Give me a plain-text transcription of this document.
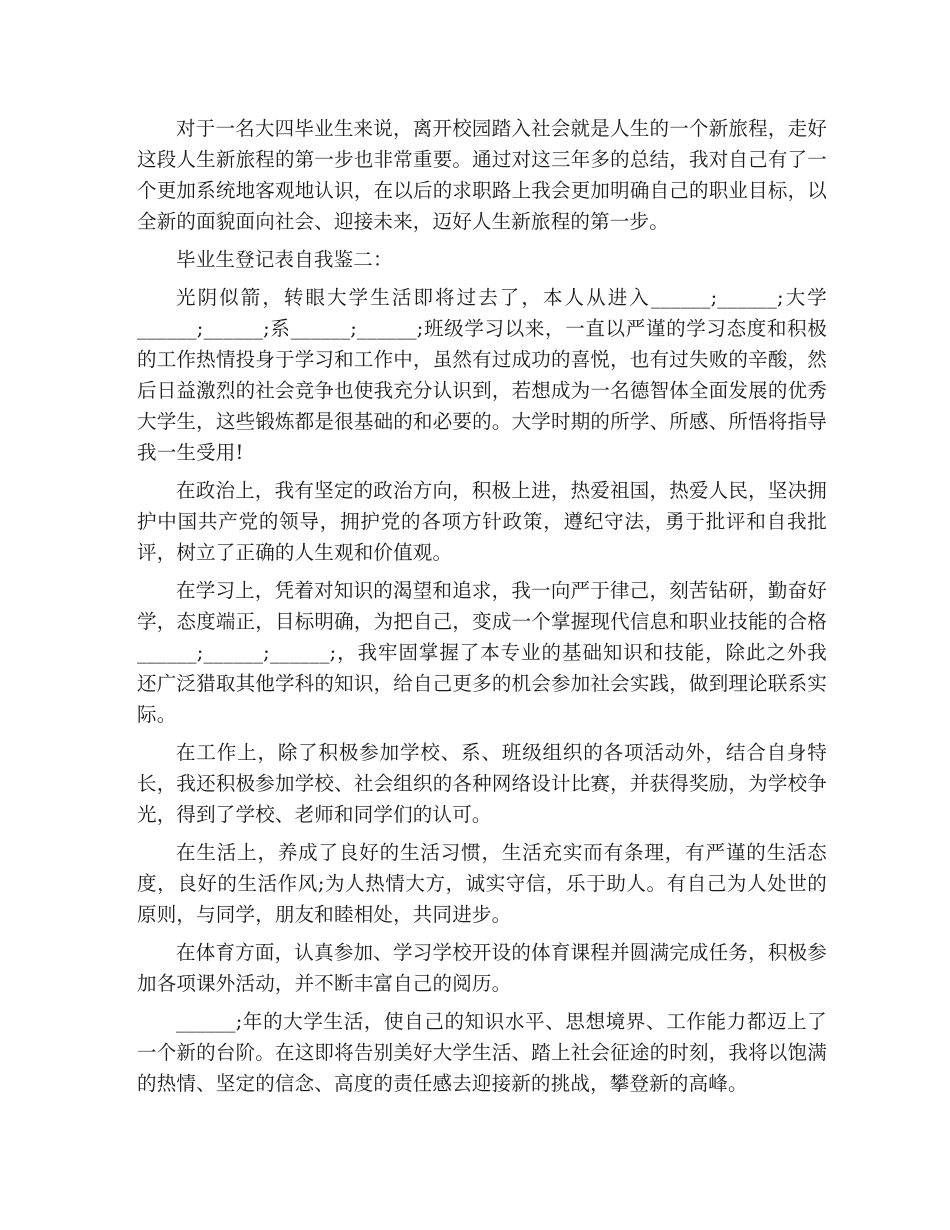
对于一名大四毕业生来说，离开校园踏入社会就是人生的一个新旅程，走好这段人生新旅程的第一步也非常重要。通过对这三年多的总结，我对自己有了一个更加系统地客观地认识，在以后的求职路上我会更加明确自己的职业目标，以全新的面貌面向社会、迎接未来，迈好人生新旅程的第一步。

毕业生登记表自我鉴二：

光阴似箭，转眼大学生活即将过去了，本人从进入______;______;大学______;______;系______;______;班级学习以来，一直以严谨的学习态度和积极的工作热情投身于学习和工作中，虽然有过成功的喜悦，也有过失败的辛酸，然后日益激烈的社会竞争也使我充分认识到，若想成为一名德智体全面发展的优秀大学生，这些锻炼都是很基础的和必要的。大学时期的所学、所感、所悟将指导我一生受用!

在政治上，我有坚定的政治方向，积极上进，热爱祖国，热爱人民，坚决拥护中国共产党的领导，拥护党的各项方针政策，遵纪守法，勇于批评和自我批评，树立了正确的人生观和价值观。

在学习上，凭着对知识的渴望和追求，我一向严于律己，刻苦钻研，勤奋好学，态度端正，目标明确，为把自己，变成一个掌握现代信息和职业技能的合格______;______;______;，我牢固掌握了本专业的基础知识和技能，除此之外我还广泛猎取其他学科的知识，给自己更多的机会参加社会实践，做到理论联系实际。

在工作上，除了积极参加学校、系、班级组织的各项活动外，结合自身特长，我还积极参加学校、社会组织的各种网络设计比赛，并获得奖励，为学校争光，得到了学校、老师和同学们的认可。

在生活上，养成了良好的生活习惯，生活充实而有条理，有严谨的生活态度，良好的生活作风;为人热情大方，诚实守信，乐于助人。有自己为人处世的原则，与同学，朋友和睦相处，共同进步。

在体育方面，认真参加、学习学校开设的体育课程并圆满完成任务，积极参加各项课外活动，并不断丰富自己的阅历。

______;年的大学生活，使自己的知识水平、思想境界、工作能力都迈上了一个新的台阶。在这即将告别美好大学生活、踏上社会征途的时刻，我将以饱满的热情、坚定的信念、高度的责任感去迎接新的挑战，攀登新的高峰。
